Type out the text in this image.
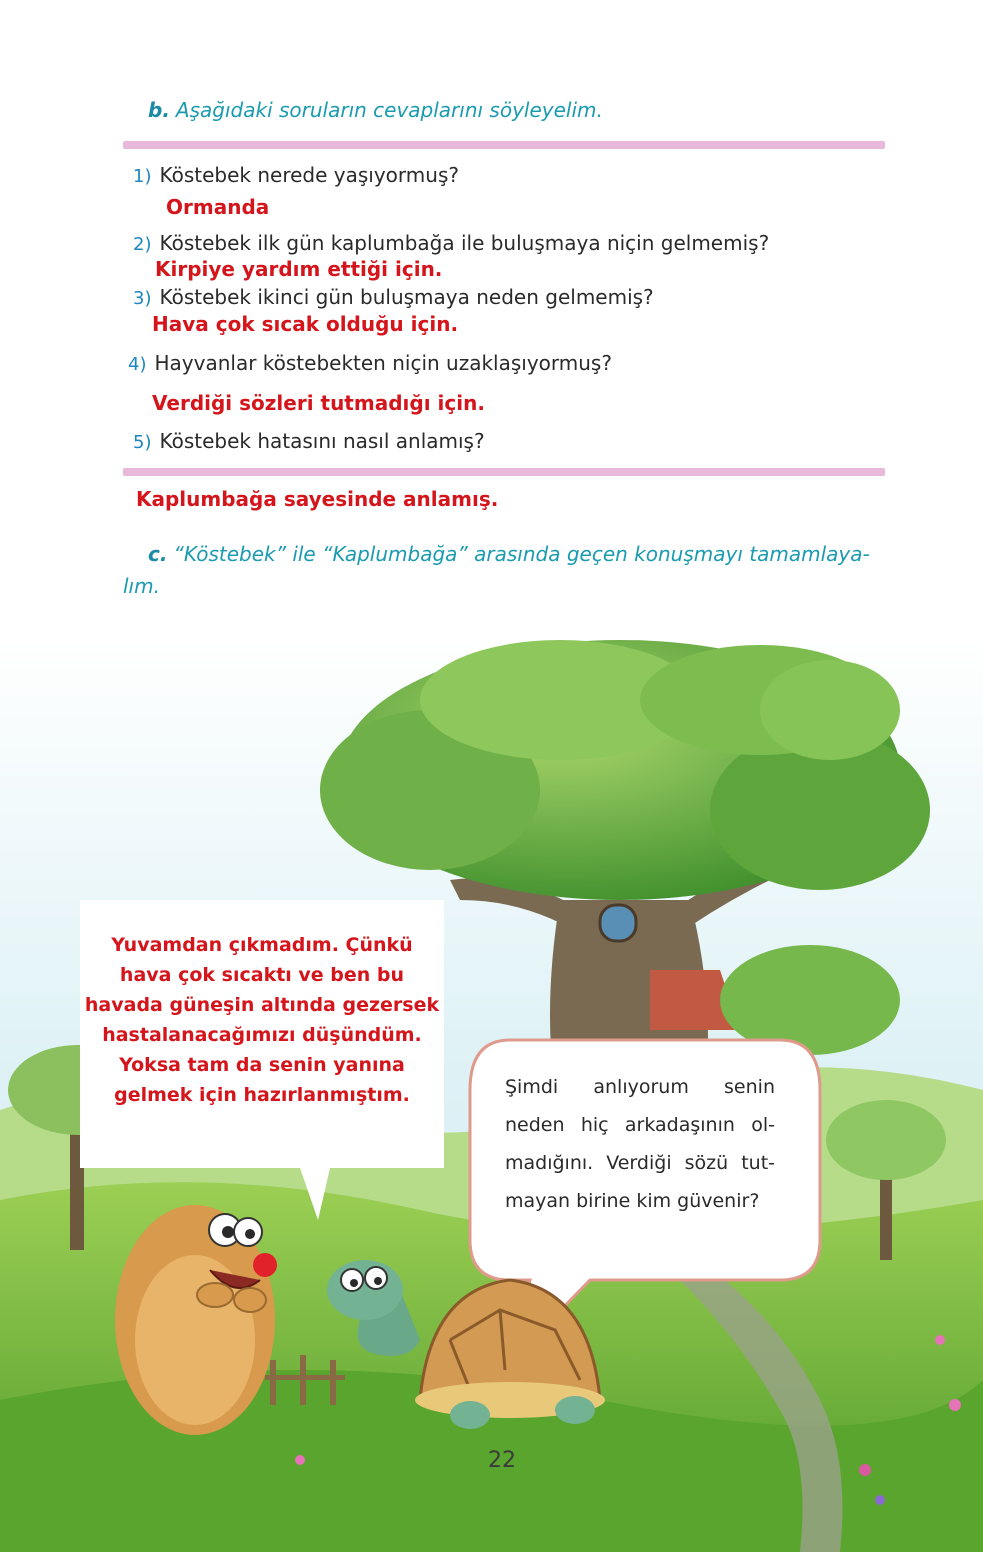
b. Aşağıdaki soruların cevaplarını söyleyelim.
1) Köstebek nerede yaşıyormuş?
Ormanda
2) Köstebek ilk gün kaplumbağa ile buluşmaya niçin gelmemiş?
Kirpiye yardım ettiği için.
3) Köstebek ikinci gün buluşmaya neden gelmemiş?
Hava çok sıcak olduğu için.
4) Hayvanlar köstebekten niçin uzaklaşıyormuş?
Verdiği sözleri tutmadığı için.
5) Köstebek hatasını nasıl anlamış?
Kaplumbağa sayesinde anlamış.
c. “Köstebek” ile “Kaplumbağa” arasında geçen konuşmayı tamamlaya-
lım.
Yuvamdan çıkmadım. Çünkü
hava çok sıcaktı ve ben bu
havada güneşin altında gezersek
hastalanacağımızı düşündüm.
Yoksa tam da senin yanına
gelmek için hazırlanmıştım.	Şimdi anlıyorum senin
neden hiç arkadaşının ol-
madığını. Verdiği sözü tut-
mayan birine kim güvenir?
22
